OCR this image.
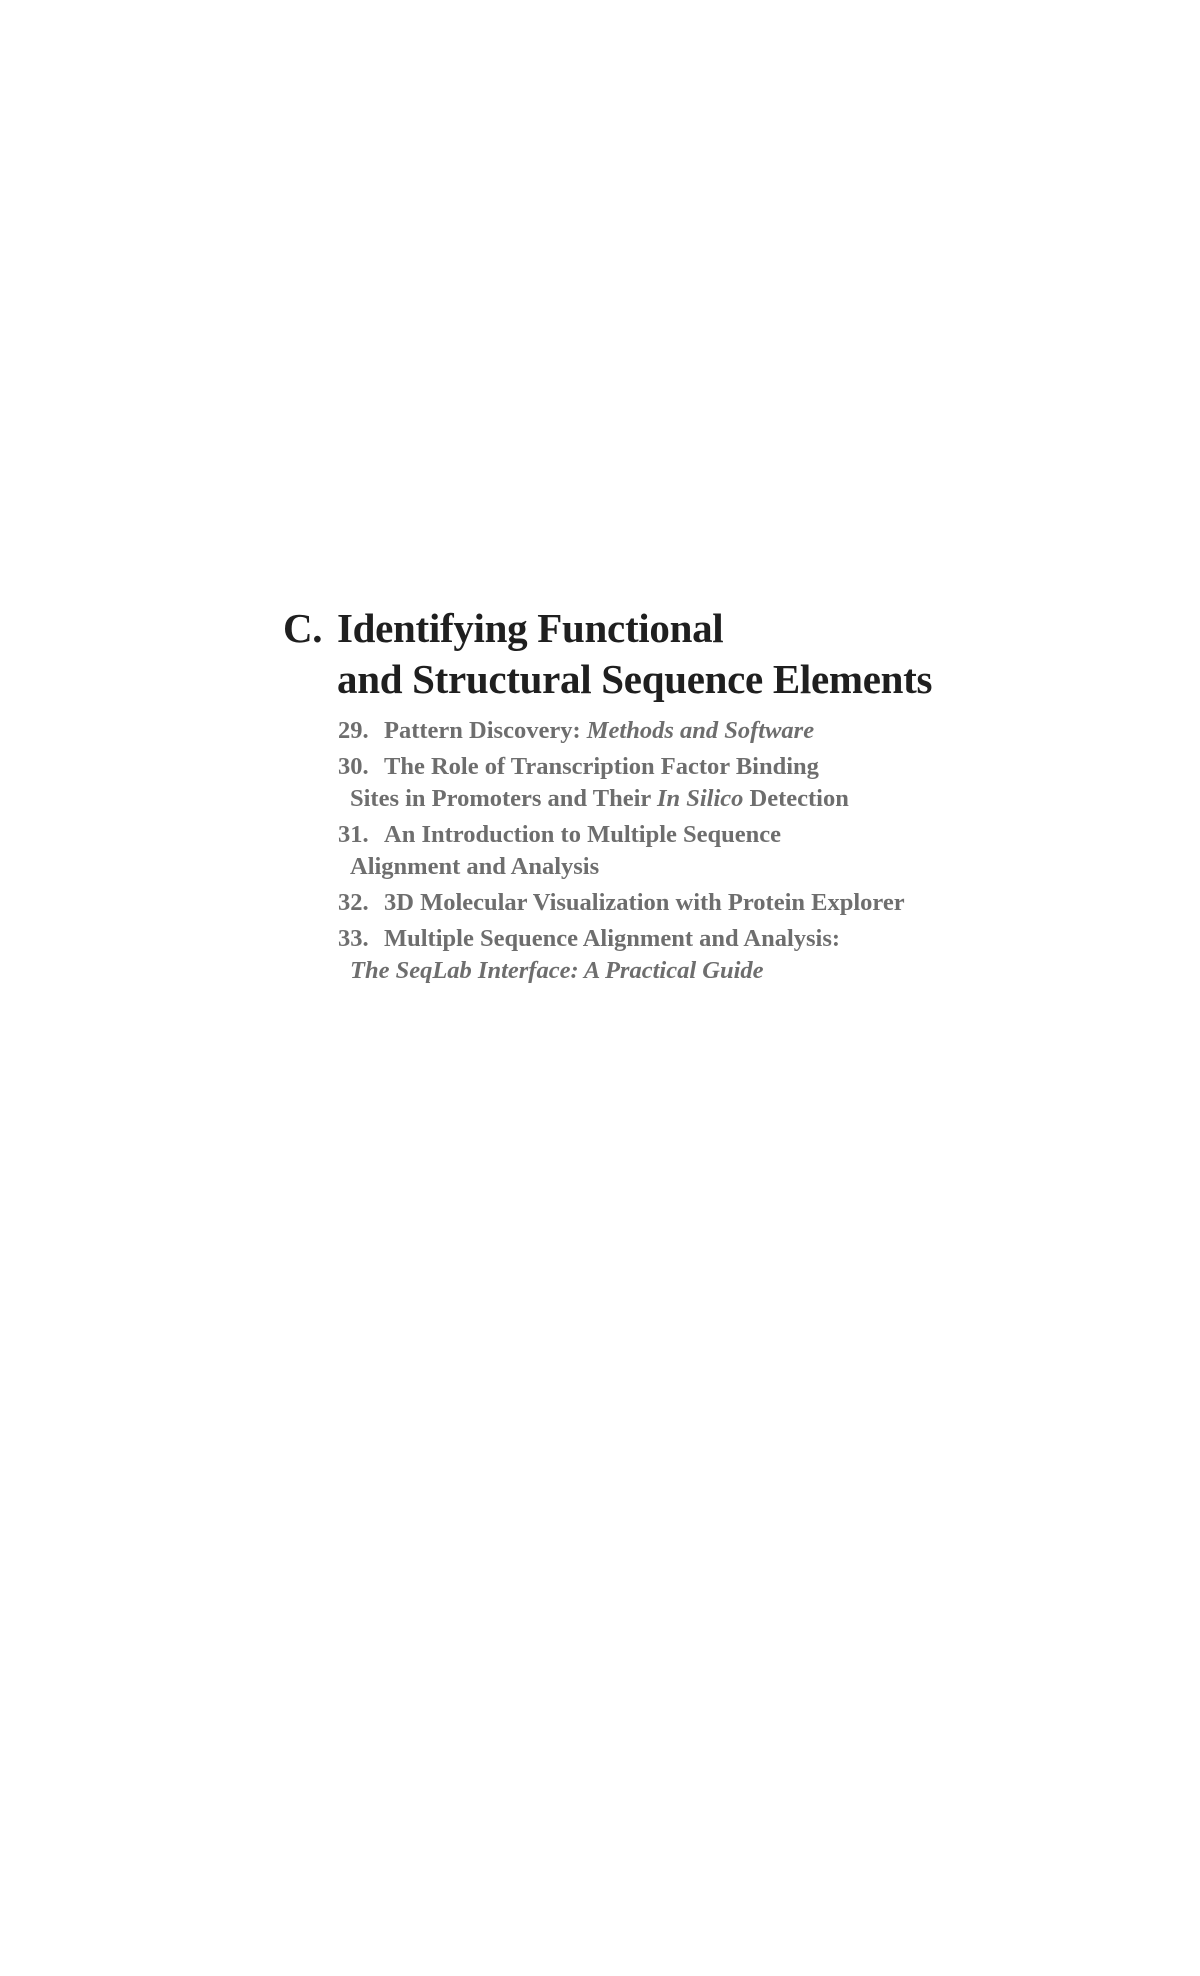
C. Identifying Functional
and Structural Sequence Elements
29. Pattern Discovery: Methods and Software
30. The Role of Transcription Factor Binding
Sites in Promoters and Their In Silico Detection
31. An Introduction to Multiple Sequence
Alignment and Analysis
32. 3D Molecular Visualization with Protein Explorer
33. Multiple Sequence Alignment and Analysis:
The SeqLab Interface: A Practical Guide
